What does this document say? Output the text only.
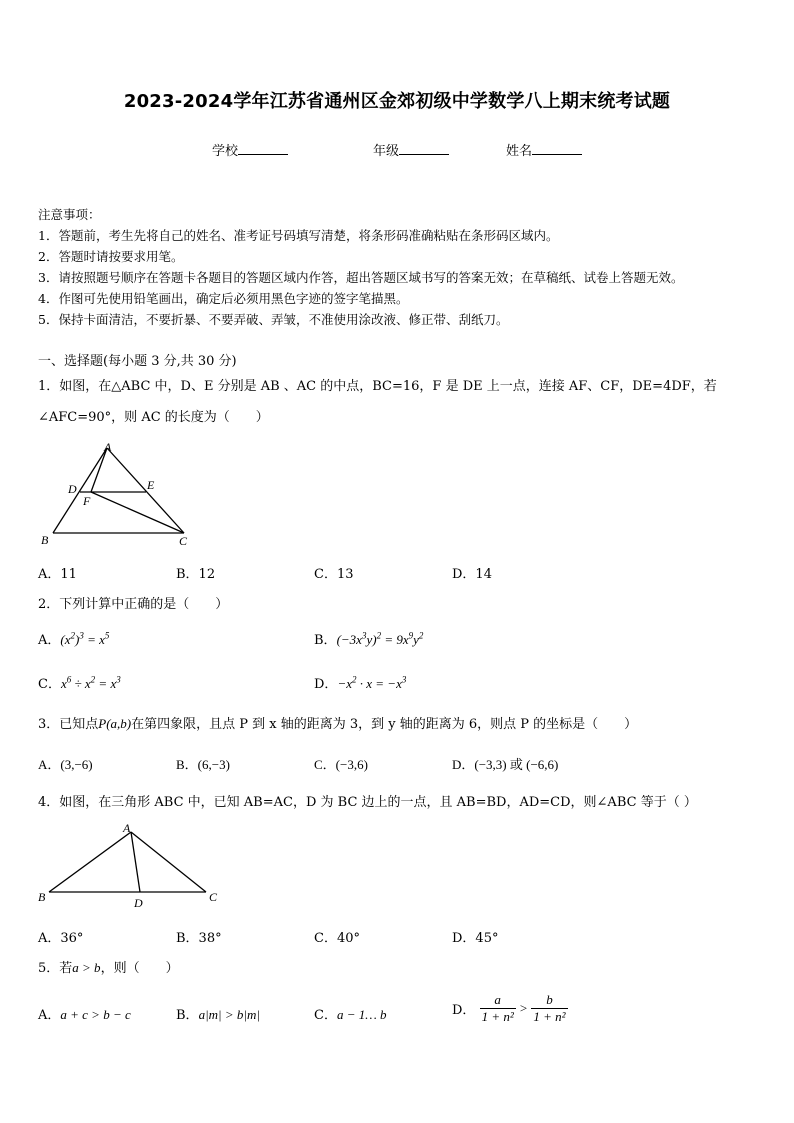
2023-2024学年江苏省通州区金郊初级中学数学八上期末统考试题
学校	年级	姓名
注意事项：
1．答题前，考生先将自己的姓名、准考证号码填写清楚，将条形码准确粘贴在条形码区域内。
2．答题时请按要求用笔。
3．请按照题号顺序在答题卡各题目的答题区域内作答，超出答题区域书写的答案无效；在草稿纸、试卷上答题无效。
4．作图可先使用铅笔画出，确定后必须用黑色字迹的签字笔描黑。
5．保持卡面清洁，不要折暴、不要弄破、弄皱，不准使用涂改液、修正带、刮纸刀。
一、选择题(每小题 3 分,共 30 分)
1．如图，在△ABC 中，D、E 分别是 AB 、AC 的中点，BC=16，F 是 DE 上一点，连接 AF、CF，DE=4DF，若
∠AFC=90°，则 AC 的长度为（　　）
A
D	E
F
B	C
A．11	B．12	C．13	D．14
2．下列计算中正确的是（　　）
A．$(x^2)^3 = x^5$	B．$(-3x^3y)^2 = 9x^9y^2$
C．$x^6 \div x^2 = x^3$	D．$-x^2 \cdot x = -x^3$
3．已知点P(a,b)在第四象限，且点 P 到 x 轴的距离为 3，到 y 轴的距离为 6，则点 P 的坐标是（　　）
A．(3,−6)	B．(6,−3)	C．(−3,6)	D．(−3,3) 或 (−6,6)
4．如图，在三角形 ABC 中，已知 AB=AC，D 为 BC 边上的一点，且 AB=BD，AD=CD，则∠ABC 等于（ ）
A
B	C
D
A．36°	B．38°	C．40°	D．45°
5．若a > b，则（　　）
A．a + c > b − c	B．a|m| > b|m|	C．a − 1… b	D． $\frac{a}{\text{1 + n²}} > \frac{b}{\text{1 + n²}}$
